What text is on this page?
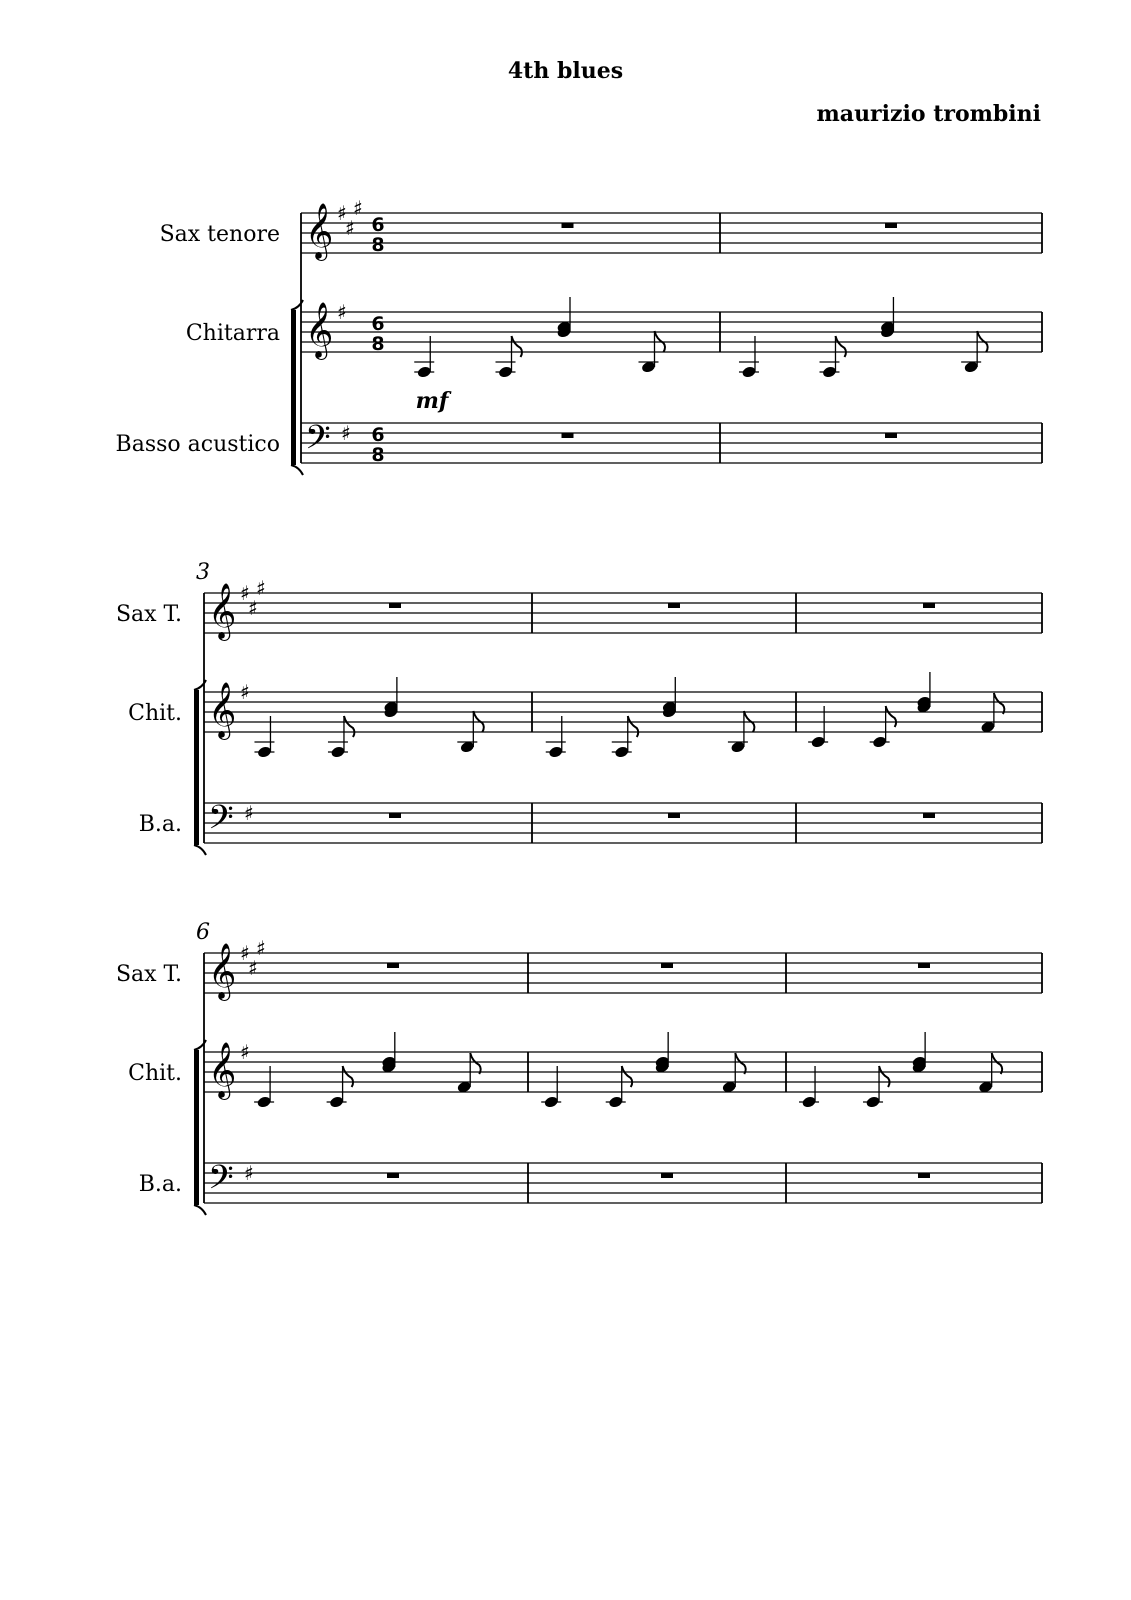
4th blues
maurizio trombini
Sax tenore
Chitarra
Basso acustico
𝄞
𝄞
𝄢
♯
♯
♯
♯
♯
6
8
6
8
6
8
mf
Sax T.
Chit.
B.a.
3
𝄞
𝄞
𝄢
♯
♯
♯
♯
♯
Sax T.
Chit.
B.a.
6
𝄞
𝄞
𝄢
♯
♯
♯
♯
♯
